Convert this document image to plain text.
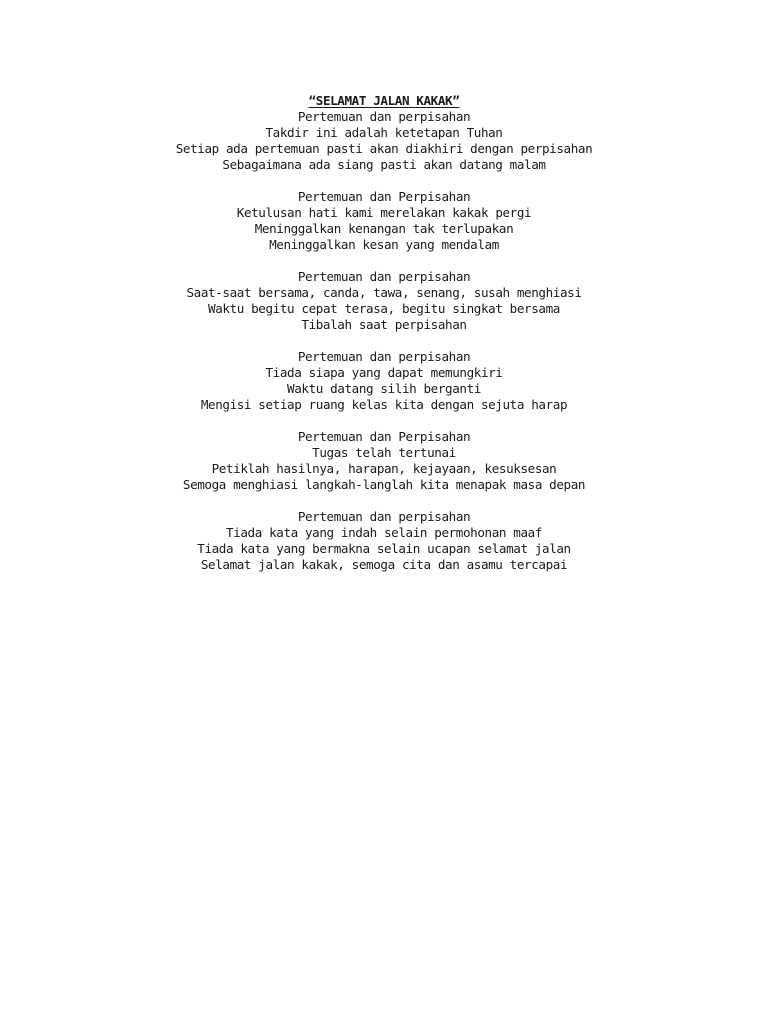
“SELAMAT JALAN KAKAK”
Pertemuan dan perpisahan
Takdir ini adalah ketetapan Tuhan
Setiap ada pertemuan pasti akan diakhiri dengan perpisahan
Sebagaimana ada siang pasti akan datang malam
Pertemuan dan Perpisahan
Ketulusan hati kami merelakan kakak pergi
Meninggalkan kenangan tak terlupakan
Meninggalkan kesan yang mendalam
Pertemuan dan perpisahan
Saat-saat bersama, canda, tawa, senang, susah menghiasi
Waktu begitu cepat terasa, begitu singkat bersama
Tibalah saat perpisahan
Pertemuan dan perpisahan
Tiada siapa yang dapat memungkiri
Waktu datang silih berganti
Mengisi setiap ruang kelas kita dengan sejuta harap
Pertemuan dan Perpisahan
Tugas telah tertunai
Petiklah hasilnya, harapan, kejayaan, kesuksesan
Semoga menghiasi langkah-langlah kita menapak masa depan
Pertemuan dan perpisahan
Tiada kata yang indah selain permohonan maaf
Tiada kata yang bermakna selain ucapan selamat jalan
Selamat jalan kakak, semoga cita dan asamu tercapai
